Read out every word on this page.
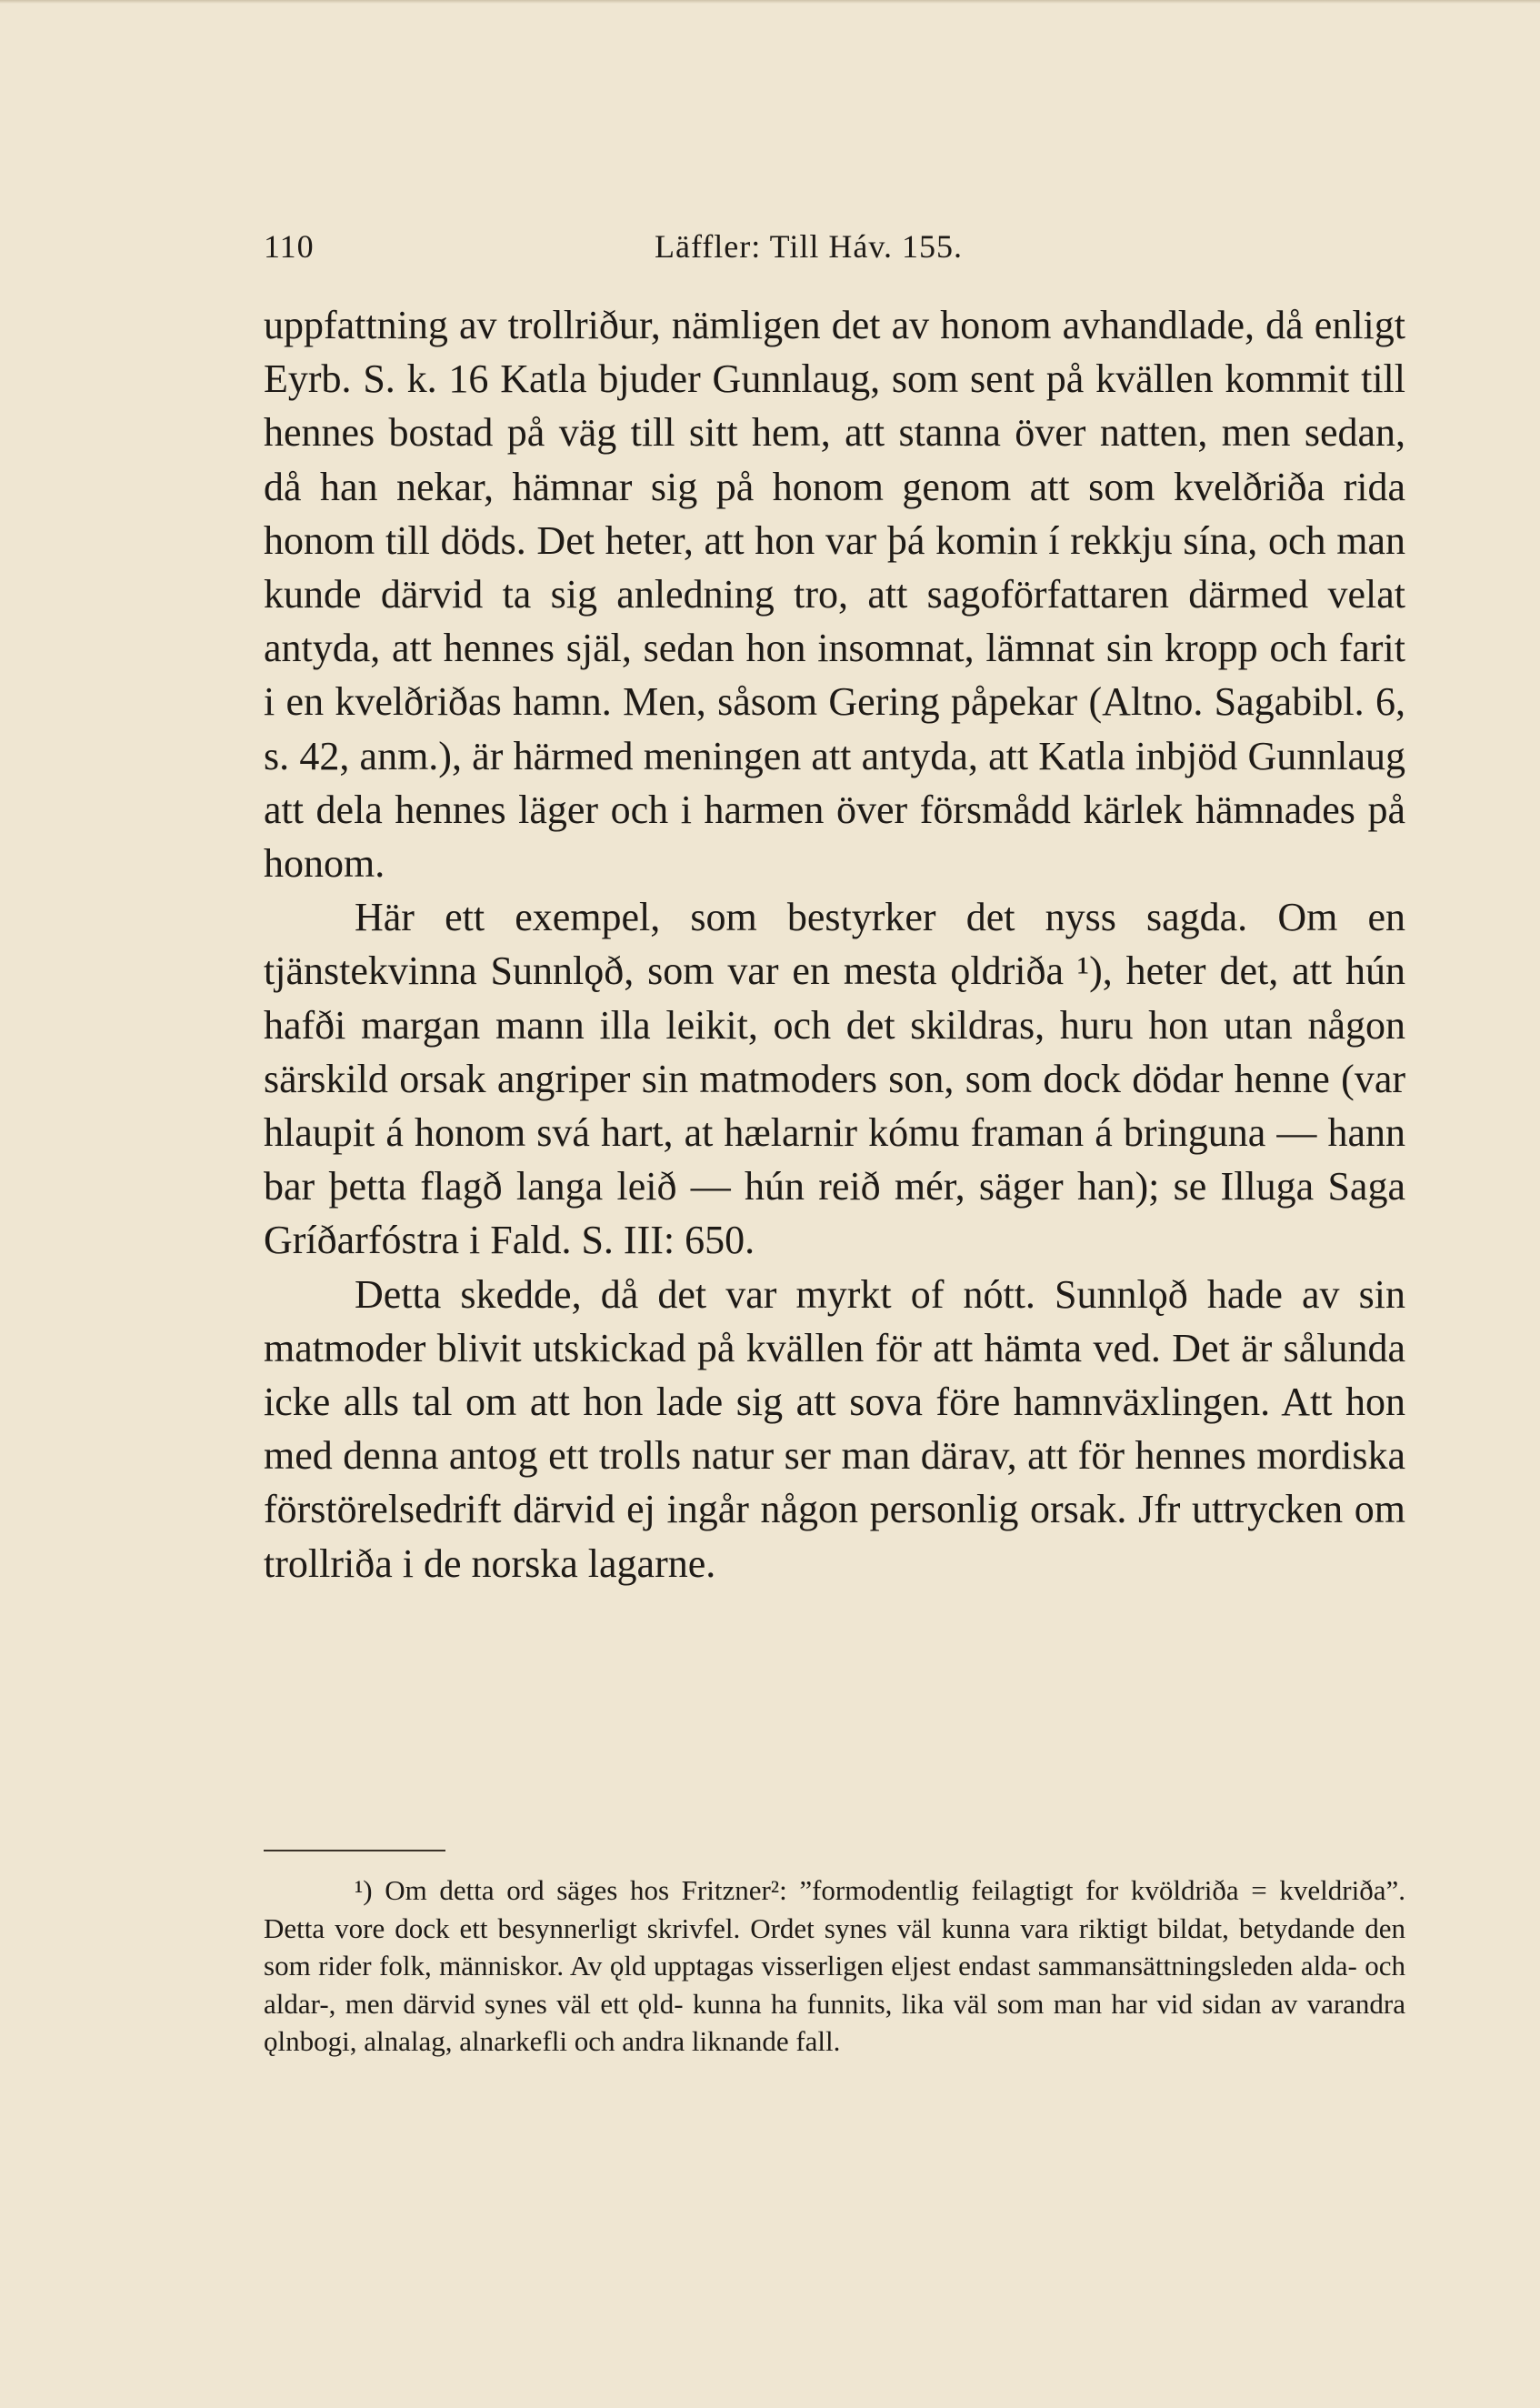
110	Läffler: Till Háv. 155.

uppfattning av trollriður, nämligen det av honom avhandlade, då enligt Eyrb. S. k. 16 Katla bjuder Gunnlaug, som sent på kvällen kommit till hennes bostad på väg till sitt hem, att stanna över natten, men sedan, då han nekar, hämnar sig på honom genom att som kvelðriða rida honom till döds. Det heter, att hon var þá komin í rekkju sína, och man kunde därvid ta sig anledning tro, att sagoförfattaren därmed velat antyda, att hennes själ, sedan hon insomnat, lämnat sin kropp och farit i en kvelðriðas hamn. Men, såsom Gering påpekar (Altno. Sagabibl. 6, s. 42, anm.), är härmed meningen att antyda, att Katla inbjöd Gunnlaug att dela hennes läger och i harmen över försmådd kärlek hämnades på honom.

Här ett exempel, som bestyrker det nyss sagda. Om en tjänstekvinna Sunnlǫð, som var en mesta ǫldriða ¹), heter det, att hún hafði margan mann illa leikit, och det skildras, huru hon utan någon särskild orsak angriper sin matmoders son, som dock dödar henne (var hlaupit á honom svá hart, at hælarnir kómu framan á bringuna — hann bar þetta flagð langa leið — hún reið mér, säger han); se Illuga Saga Gríðarfóstra i Fald. S. III: 650.

Detta skedde, då det var myrkt of nótt. Sunnlǫð hade av sin matmoder blivit utskickad på kvällen för att hämta ved. Det är sålunda icke alls tal om att hon lade sig att sova före hamnväxlingen. Att hon med denna antog ett trolls natur ser man därav, att för hennes mordiska förstörelsedrift därvid ej ingår någon personlig orsak. Jfr uttrycken om trollriða i de norska lagarne.

¹) Om detta ord säges hos Fritzner²: ”formodentlig feilagtigt for kvöldriða = kveldriða”. Detta vore dock ett besynnerligt skrivfel. Ordet synes väl kunna vara riktigt bildat, betydande den som rider folk, människor. Av ǫld upptagas visserligen eljest endast sammansättningsleden alda- och aldar-, men därvid synes väl ett ǫld- kunna ha funnits, lika väl som man har vid sidan av varandra ǫlnbogi, alnalag, alnarkefli och andra liknande fall.
